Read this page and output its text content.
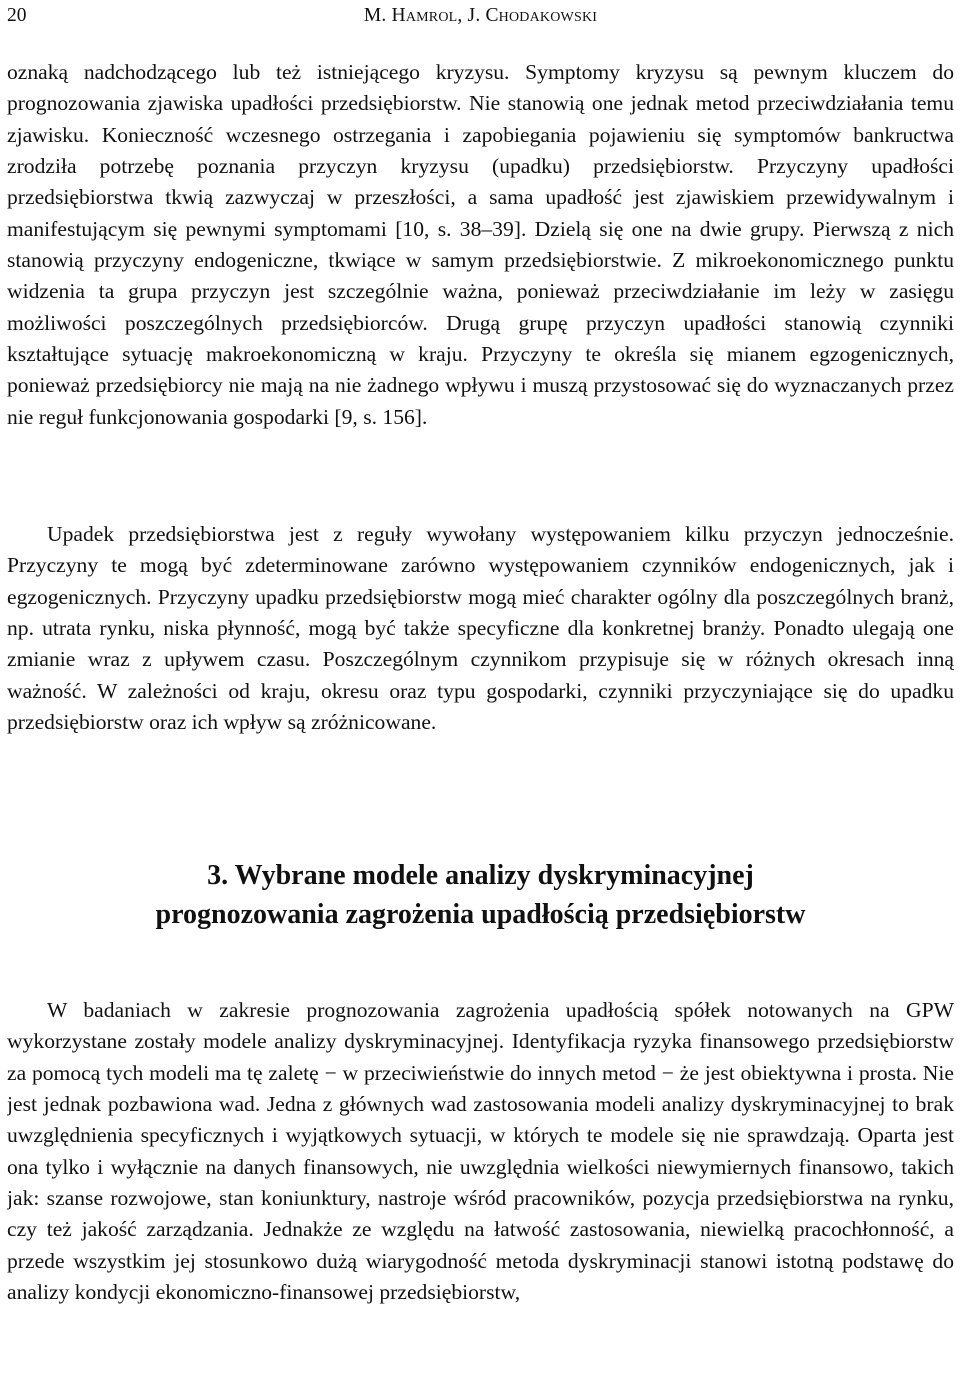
20	M. Hamrol, J. Chodakowski

oznaką nadchodzącego lub też istniejącego kryzysu. Symptomy kryzysu są pewnym kluczem do prognozowania zjawiska upadłości przedsiębiorstw. Nie stanowią one jednak metod przeciwdziałania temu zjawisku. Konieczność wczesnego ostrzegania i zapobiegania pojawieniu się symptomów bankructwa zrodziła potrzebę poznania przyczyn kryzysu (upadku) przedsiębiorstw. Przyczyny upadłości przedsiębiorstwa tkwią zazwyczaj w przeszłości, a sama upadłość jest zjawiskiem przewidywalnym i manifestującym się pewnymi symptomami [10, s. 38–39]. Dzielą się one na dwie grupy. Pierwszą z nich stanowią przyczyny endogeniczne, tkwiące w samym przedsiębiorstwie. Z mikroekonomicznego punktu widzenia ta grupa przyczyn jest szczególnie ważna, ponieważ przeciwdziałanie im leży w zasięgu możliwości poszczególnych przedsiębiorców. Drugą grupę przyczyn upadłości stanowią czynniki kształtujące sytuację makroekonomiczną w kraju. Przyczyny te określa się mianem egzogenicznych, ponieważ przedsiębiorcy nie mają na nie żadnego wpływu i muszą przystosować się do wyznaczanych przez nie reguł funkcjonowania gospodarki [9, s. 156].

Upadek przedsiębiorstwa jest z reguły wywołany występowaniem kilku przyczyn jednocześnie. Przyczyny te mogą być zdeterminowane zarówno występowaniem czynników endogenicznych, jak i egzogenicznych. Przyczyny upadku przedsiębiorstw mogą mieć charakter ogólny dla poszczególnych branż, np. utrata rynku, niska płynność, mogą być także specyficzne dla konkretnej branży. Ponadto ulegają one zmianie wraz z upływem czasu. Poszczególnym czynnikom przypisuje się w różnych okresach inną ważność. W zależności od kraju, okresu oraz typu gospodarki, czynniki przyczyniające się do upadku przedsiębiorstw oraz ich wpływ są zróżnicowane.

3. Wybrane modele analizy dyskryminacyjnej
prognozowania zagrożenia upadłością przedsiębiorstw

W badaniach w zakresie prognozowania zagrożenia upadłością spółek notowanych na GPW wykorzystane zostały modele analizy dyskryminacyjnej. Identyfikacja ryzyka finansowego przedsiębiorstw za pomocą tych modeli ma tę zaletę − w przeciwieństwie do innych metod − że jest obiektywna i prosta. Nie jest jednak pozbawiona wad. Jedna z głównych wad zastosowania modeli analizy dyskryminacyjnej to brak uwzględnienia specyficznych i wyjątkowych sytuacji, w których te modele się nie sprawdzają. Oparta jest ona tylko i wyłącznie na danych finansowych, nie uwzględnia wielkości niewymiernych finansowo, takich jak: szanse rozwojowe, stan koniunktury, nastroje wśród pracowników, pozycja przedsiębiorstwa na rynku, czy też jakość zarządzania. Jednakże ze względu na łatwość zastosowania, niewielką pracochłonność, a przede wszystkim jej stosunkowo dużą wiarygodność metoda dyskryminacji stanowi istotną podstawę do analizy kondycji ekonomiczno-finansowej przedsiębiorstw,
